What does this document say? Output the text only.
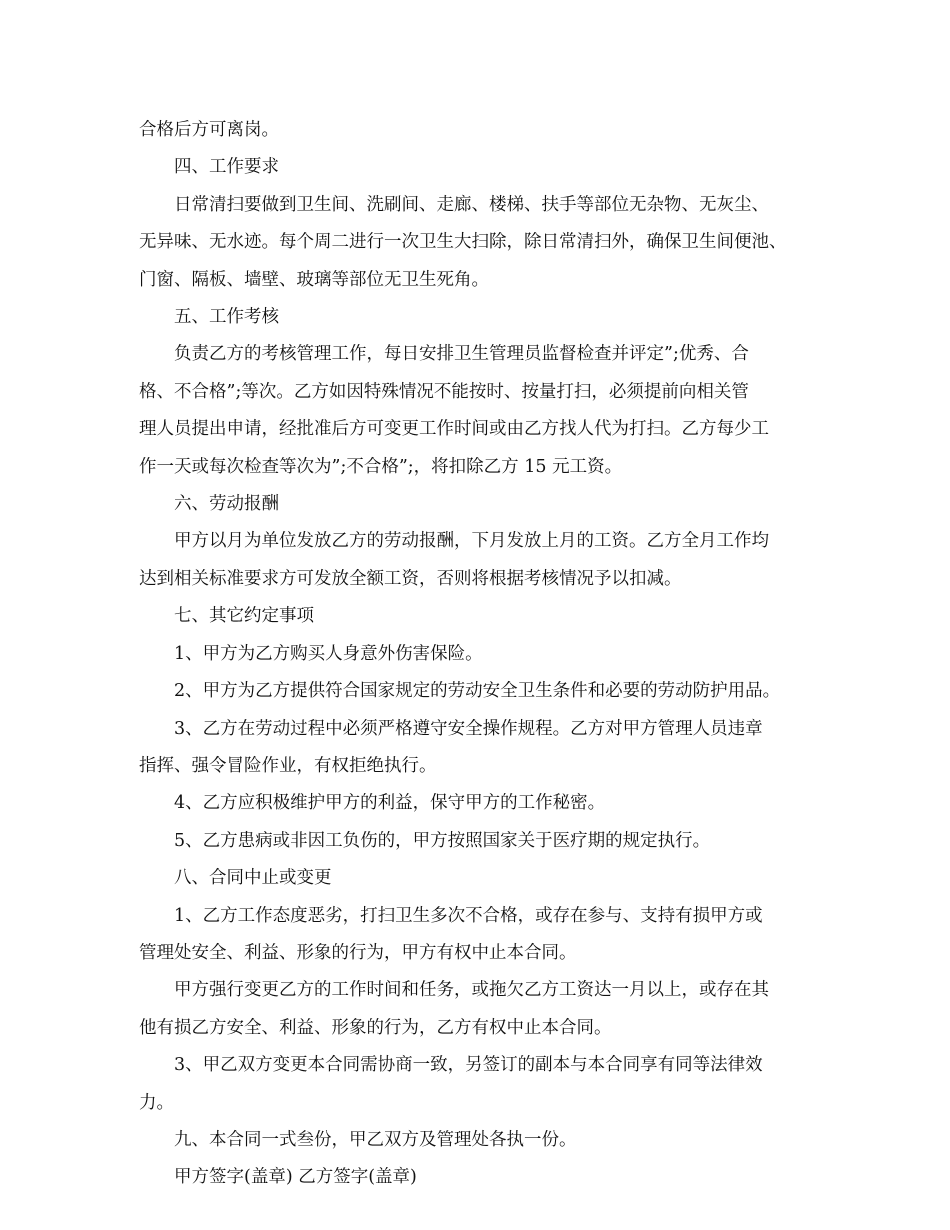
合格后方可离岗。

四、工作要求

日常清扫要做到卫生间、洗刷间、走廊、楼梯、扶手等部位无杂物、无灰尘、
无异味、无水迹。每个周二进行一次卫生大扫除，除日常清扫外，确保卫生间便池、
门窗、隔板、墙壁、玻璃等部位无卫生死角。

五、工作考核

负责乙方的考核管理工作，每日安排卫生管理员监督检查并评定”;优秀、合
格、不合格”;等次。乙方如因特殊情况不能按时、按量打扫，必须提前向相关管
理人员提出申请，经批准后方可变更工作时间或由乙方找人代为打扫。乙方每少工
作一天或每次检查等次为”;不合格”;，将扣除乙方 15 元工资。

六、劳动报酬

甲方以月为单位发放乙方的劳动报酬，下月发放上月的工资。乙方全月工作均
达到相关标准要求方可发放全额工资，否则将根据考核情况予以扣减。

七、其它约定事项

1、甲方为乙方购买人身意外伤害保险。

2、甲方为乙方提供符合国家规定的劳动安全卫生条件和必要的劳动防护用品。

3、乙方在劳动过程中必须严格遵守安全操作规程。乙方对甲方管理人员违章
指挥、强令冒险作业，有权拒绝执行。

4、乙方应积极维护甲方的利益，保守甲方的工作秘密。

5、乙方患病或非因工负伤的，甲方按照国家关于医疗期的规定执行。

八、合同中止或变更

1、乙方工作态度恶劣，打扫卫生多次不合格，或存在参与、支持有损甲方或
管理处安全、利益、形象的行为，甲方有权中止本合同。

甲方强行变更乙方的工作时间和任务，或拖欠乙方工资达一月以上，或存在其
他有损乙方安全、利益、形象的行为，乙方有权中止本合同。

3、甲乙双方变更本合同需协商一致，另签订的副本与本合同享有同等法律效
力。

九、本合同一式叁份，甲乙双方及管理处各执一份。

甲方签字(盖章) 乙方签字(盖章)
